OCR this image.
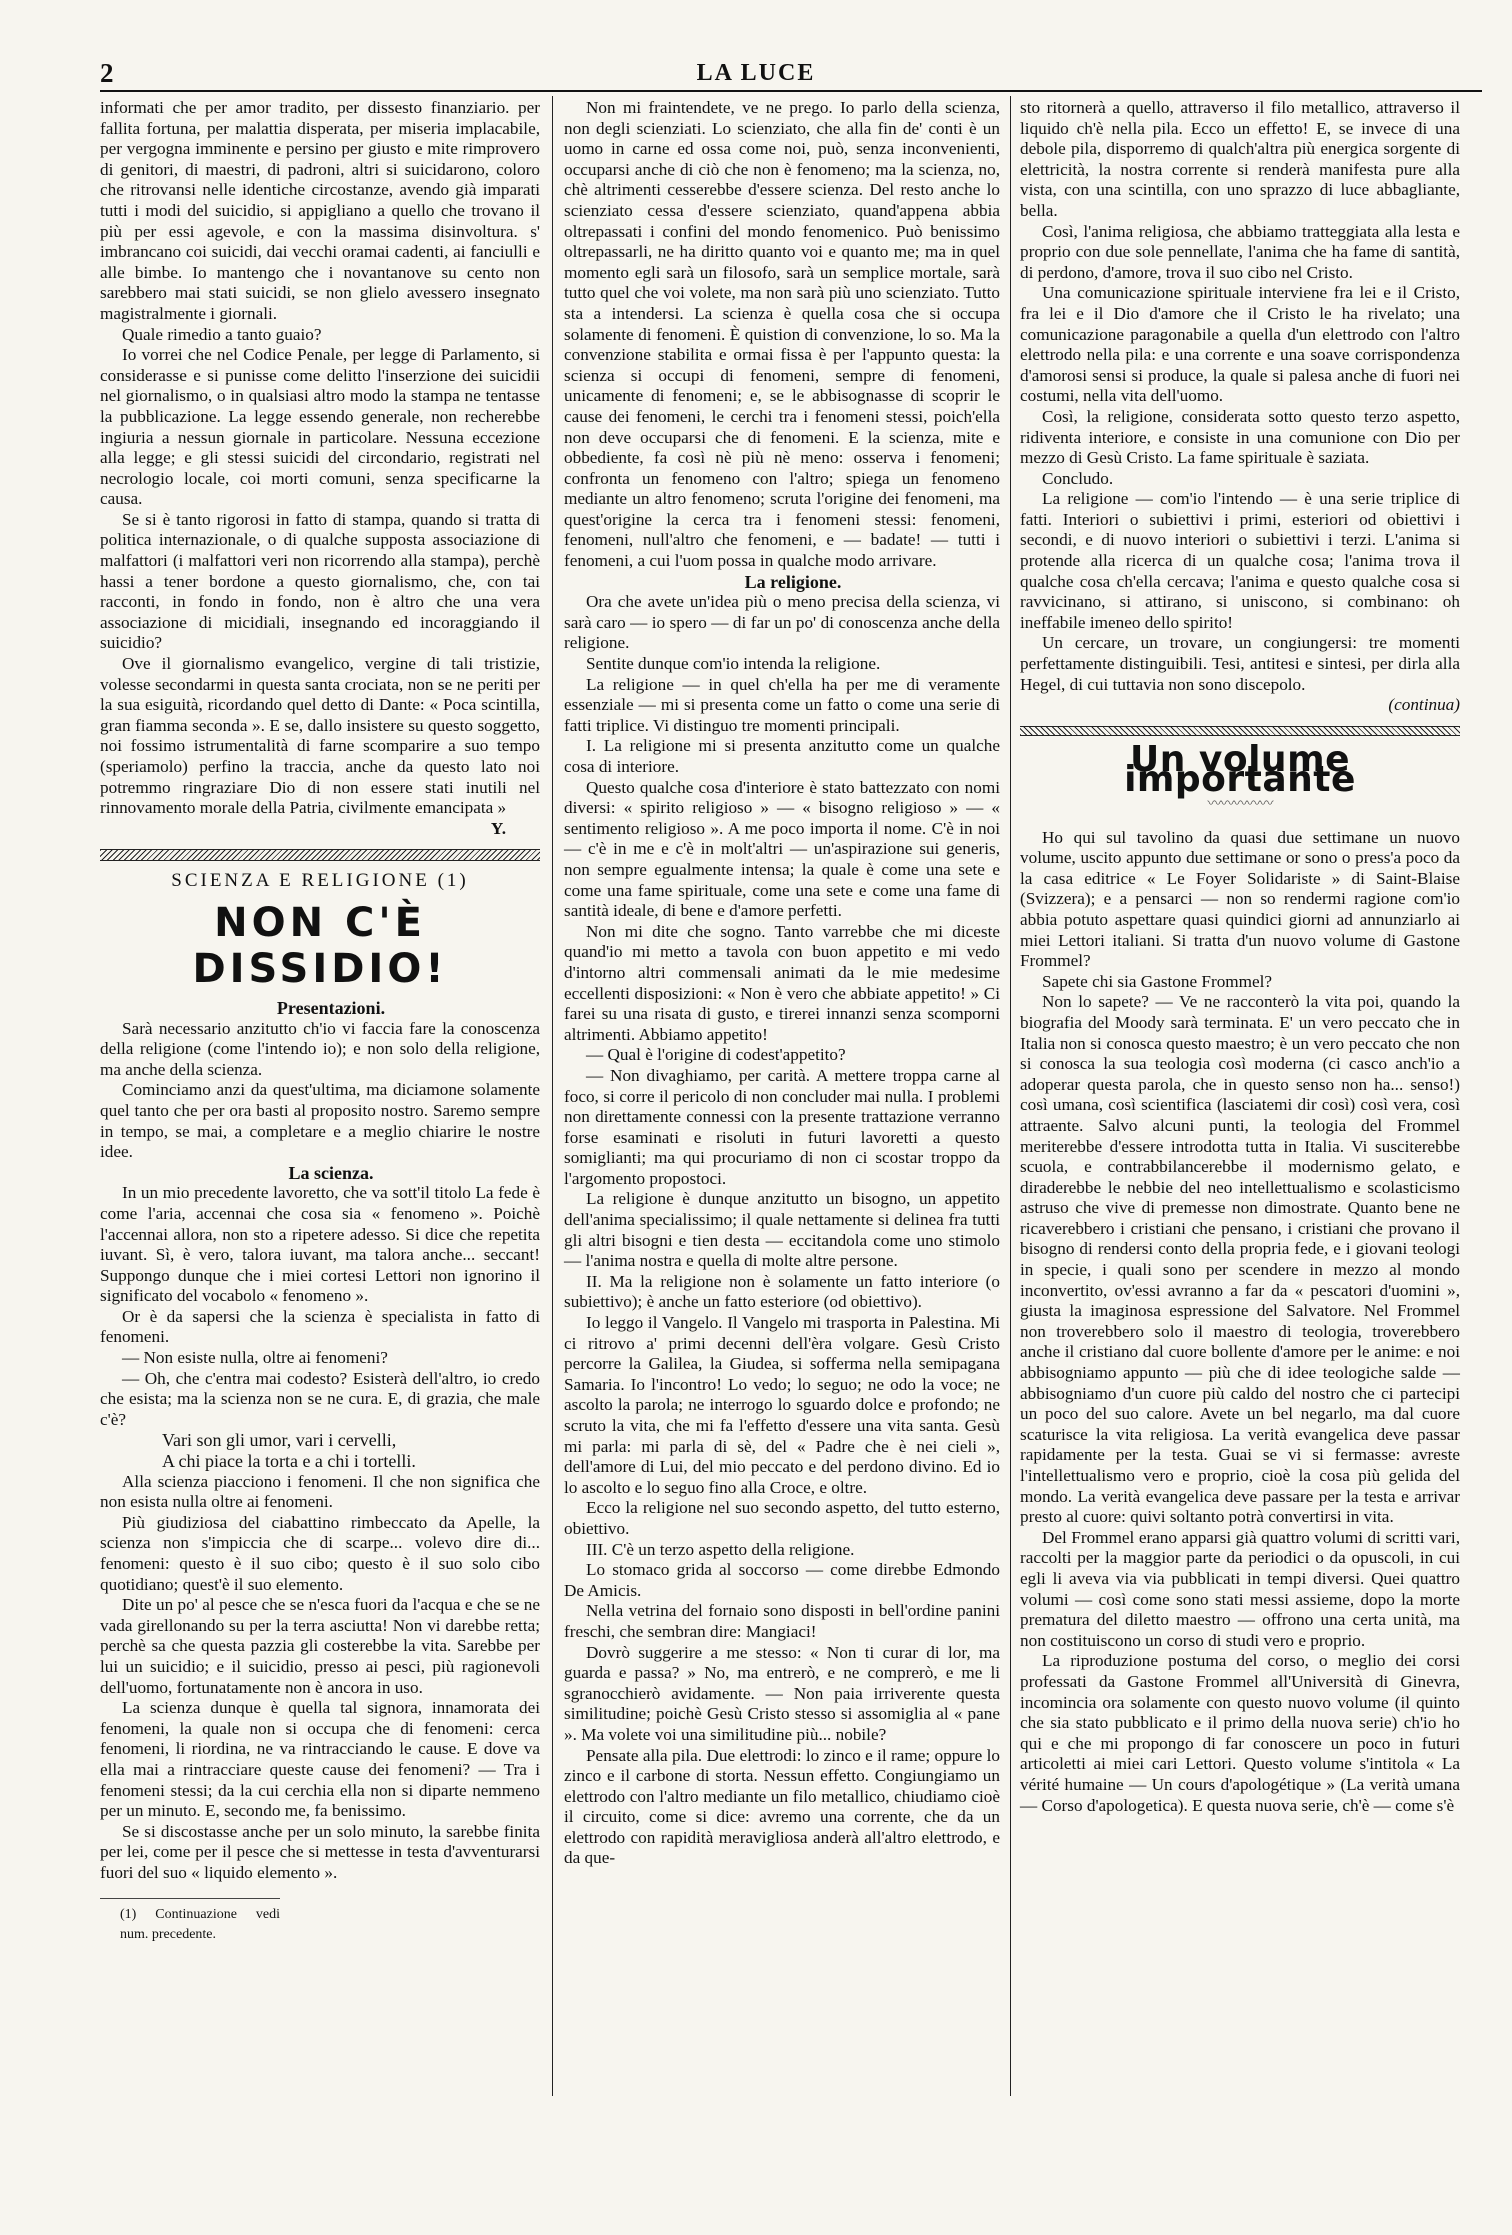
2	LA LUCE

informati che per amor tradito, per dissesto finanziario. per fallita fortuna, per malattia disperata, per miseria implacabile, per vergogna imminente e persino per giusto e mite rimprovero di genitori, di maestri, di padroni, altri si suicidarono, coloro che ritrovansi nelle identiche circostanze, avendo già imparati tutti i modi del suicidio, si appigliano a quello che trovano il più per essi agevole, e con la massima disinvoltura. s' imbrancano coi suicidi, dai vecchi oramai cadenti, ai fanciulli e alle bimbe. Io mantengo che i novantanove su cento non sarebbero mai stati suicidi, se non glielo avessero insegnato magistralmente i giornali.

Quale rimedio a tanto guaio?

Io vorrei che nel Codice Penale, per legge di Parlamento, si considerasse e si punisse come delitto l'inserzione dei suicidii nel giornalismo, o in qualsiasi altro modo la stampa ne tentasse la pubblicazione. La legge essendo generale, non recherebbe ingiuria a nessun giornale in particolare. Nessuna eccezione alla legge; e gli stessi suicidi del circondario, registrati nel necrologio locale, coi morti comuni, senza specificarne la causa.

Se si è tanto rigorosi in fatto di stampa, quando si tratta di politica internazionale, o di qualche supposta associazione di malfattori (i malfattori veri non ricorrendo alla stampa), perchè hassi a tener bordone a questo giornalismo, che, con tai racconti, in fondo in fondo, non è altro che una vera associazione di micidiali, insegnando ed incoraggiando il suicidio?

Ove il giornalismo evangelico, vergine di tali tristizie, volesse secondarmi in questa santa crociata, non se ne periti per la sua esiguità, ricordando quel detto di Dante: « Poca scintilla, gran fiamma seconda ». E se, dallo insistere su questo soggetto, noi fossimo istrumentalità di farne scomparire a suo tempo (speriamolo) perfino la traccia, anche da questo lato noi potremmo ringraziare Dio di non essere stati inutili nel rinnovamento morale della Patria, civilmente emancipata »

Y.
SCIENZA E RELIGIONE (1)
NON C'È DISSIDIO!

Presentazioni.

Sarà necessario anzitutto ch'io vi faccia fare la conoscenza della religione (come l'intendo io); e non solo della religione, ma anche della scienza.

Cominciamo anzi da quest'ultima, ma diciamone solamente quel tanto che per ora basti al proposito nostro. Saremo sempre in tempo, se mai, a completare e a meglio chiarire le nostre idee.

La scienza.

In un mio precedente lavoretto, che va sott'il titolo La fede è come l'aria, accennai che cosa sia « fenomeno ». Poichè l'accennai allora, non sto a ripetere adesso. Si dice che repetita iuvant. Sì, è vero, talora iuvant, ma talora anche... seccant! Suppongo dunque che i miei cortesi Lettori non ignorino il significato del vocabolo « fenomeno ».

Or è da sapersi che la scienza è specialista in fatto di fenomeni.

— Non esiste nulla, oltre ai fenomeni?

— Oh, che c'entra mai codesto? Esisterà dell'altro, io credo che esista; ma la scienza non se ne cura. E, di grazia, che male c'è?

Vari son gli umor, vari i cervelli,

A chi piace la torta e a chi i tortelli.

Alla scienza piacciono i fenomeni. Il che non significa che non esista nulla oltre ai fenomeni.

Più giudiziosa del ciabattino rimbeccato da Apelle, la scienza non s'impiccia che di scarpe... volevo dire di... fenomeni: questo è il suo cibo; questo è il suo solo cibo quotidiano; quest'è il suo elemento.

Dite un po' al pesce che se n'esca fuori da l'acqua e che se ne vada girellonando su per la terra asciutta! Non vi darebbe retta; perchè sa che questa pazzia gli costerebbe la vita. Sarebbe per lui un suicidio; e il suicidio, presso ai pesci, più ragionevoli dell'uomo, fortunatamente non è ancora in uso.

La scienza dunque è quella tal signora, innamorata dei fenomeni, la quale non si occupa che di fenomeni: cerca fenomeni, li riordina, ne va rintracciando le cause. E dove va ella mai a rintracciare queste cause dei fenomeni? — Tra i fenomeni stessi; da la cui cerchia ella non si diparte nemmeno per un minuto. E, secondo me, fa benissimo.

Se si discostasse anche per un solo minuto, la sarebbe finita per lei, come per il pesce che si mettesse in testa d'avventurarsi fuori del suo « liquido elemento ».

(1) Continuazione vedi num. precedente.

Non mi fraintendete, ve ne prego. Io parlo della scienza, non degli scienziati. Lo scienziato, che alla fin de' conti è un uomo in carne ed ossa come noi, può, senza inconvenienti, occuparsi anche di ciò che non è fenomeno; ma la scienza, no, chè altrimenti cesserebbe d'essere scienza. Del resto anche lo scienziato cessa d'essere scienziato, quand'appena abbia oltrepassati i confini del mondo fenomenico. Può benissimo oltrepassarli, ne ha diritto quanto voi e quanto me; ma in quel momento egli sarà un filosofo, sarà un semplice mortale, sarà tutto quel che voi volete, ma non sarà più uno scienziato. Tutto sta a intendersi. La scienza è quella cosa che si occupa solamente di fenomeni. È quistion di convenzione, lo so. Ma la convenzione stabilita e ormai fissa è per l'appunto questa: la scienza si occupi di fenomeni, sempre di fenomeni, unicamente di fenomeni; e, se le abbisognasse di scoprir le cause dei fenomeni, le cerchi tra i fenomeni stessi, poich'ella non deve occuparsi che di fenomeni. E la scienza, mite e obbediente, fa così nè più nè meno: osserva i fenomeni; confronta un fenomeno con l'altro; spiega un fenomeno mediante un altro fenomeno; scruta l'origine dei fenomeni, ma quest'origine la cerca tra i fenomeni stessi: fenomeni, fenomeni, null'altro che fenomeni, e — badate! — tutti i fenomeni, a cui l'uom possa in qualche modo arrivare.

La religione.

Ora che avete un'idea più o meno precisa della scienza, vi sarà caro — io spero — di far un po' di conoscenza anche della religione.

Sentite dunque com'io intenda la religione.

La religione — in quel ch'ella ha per me di veramente essenziale — mi si presenta come un fatto o come una serie di fatti triplice. Vi distinguo tre momenti principali.

I. La religione mi si presenta anzitutto come un qualche cosa di interiore.

Questo qualche cosa d'interiore è stato battezzato con nomi diversi: « spirito religioso » — « bisogno religioso » — « sentimento religioso ». A me poco importa il nome. C'è in noi — c'è in me e c'è in molt'altri — un'aspirazione sui generis, non sempre egualmente intensa; la quale è come una sete e come una fame spirituale, come una sete e come una fame di santità ideale, di bene e d'amore perfetti.

Non mi dite che sogno. Tanto varrebbe che mi diceste quand'io mi metto a tavola con buon appetito e mi vedo d'intorno altri commensali animati da le mie medesime eccellenti disposizioni: « Non è vero che abbiate appetito! » Ci farei su una risata di gusto, e tirerei innanzi senza scomporni altrimenti. Abbiamo appetito!

— Qual è l'origine di codest'appetito?

— Non divaghiamo, per carità. A mettere troppa carne al foco, si corre il pericolo di non concluder mai nulla. I problemi non direttamente connessi con la presente trattazione verranno forse esaminati e risoluti in futuri lavoretti a questo somiglianti; ma qui procuriamo di non ci scostar troppo da l'argomento propostoci.

La religione è dunque anzitutto un bisogno, un appetito dell'anima specialissimo; il quale nettamente si delinea fra tutti gli altri bisogni e tien desta — eccitandola come uno stimolo — l'anima nostra e quella di molte altre persone.

II. Ma la religione non è solamente un fatto interiore (o subiettivo); è anche un fatto esteriore (od obiettivo).

Io leggo il Vangelo. Il Vangelo mi trasporta in Palestina. Mi ci ritrovo a' primi decenni dell'èra volgare. Gesù Cristo percorre la Galilea, la Giudea, si sofferma nella semipagana Samaria. Io l'incontro! Lo vedo; lo seguo; ne odo la voce; ne ascolto la parola; ne interrogo lo sguardo dolce e profondo; ne scruto la vita, che mi fa l'effetto d'essere una vita santa. Gesù mi parla: mi parla di sè, del « Padre che è nei cieli », dell'amore di Lui, del mio peccato e del perdono divino. Ed io lo ascolto e lo seguo fino alla Croce, e oltre.

Ecco la religione nel suo secondo aspetto, del tutto esterno, obiettivo.

III. C'è un terzo aspetto della religione.

Lo stomaco grida al soccorso — come direbbe Edmondo De Amicis.

Nella vetrina del fornaio sono disposti in bell'ordine panini freschi, che sembran dire: Mangiaci!

Dovrò suggerire a me stesso: « Non ti curar di lor, ma guarda e passa? » No, ma entrerò, e ne comprerò, e me li sgranocchierò avidamente. — Non paia irriverente questa similitudine; poichè Gesù Cristo stesso si assomiglia al « pane ». Ma volete voi una similitudine più... nobile?

Pensate alla pila. Due elettrodi: lo zinco e il rame; oppure lo zinco e il carbone di storta. Nessun effetto. Congiungiamo un elettrodo con l'altro mediante un filo metallico, chiudiamo cioè il circuito, come si dice: avremo una corrente, che da un elettrodo con rapidità meravigliosa anderà all'altro elettrodo, e da que-

sto ritornerà a quello, attraverso il filo metallico, attraverso il liquido ch'è nella pila. Ecco un effetto! E, se invece di una debole pila, disporremo di qualch'altra più energica sorgente di elettricità, la nostra corrente si renderà manifesta pure alla vista, con una scintilla, con uno sprazzo di luce abbagliante, bella.

Così, l'anima religiosa, che abbiamo tratteggiata alla lesta e proprio con due sole pennellate, l'anima che ha fame di santità, di perdono, d'amore, trova il suo cibo nel Cristo.

Una comunicazione spirituale interviene fra lei e il Cristo, fra lei e il Dio d'amore che il Cristo le ha rivelato; una comunicazione paragonabile a quella d'un elettrodo con l'altro elettrodo nella pila: e una corrente e una soave corrispondenza d'amorosi sensi si produce, la quale si palesa anche di fuori nei costumi, nella vita dell'uomo.

Così, la religione, considerata sotto questo terzo aspetto, ridiventa interiore, e consiste in una comunione con Dio per mezzo di Gesù Cristo. La fame spirituale è saziata.

Concludo.

La religione — com'io l'intendo — è una serie triplice di fatti. Interiori o subiettivi i primi, esteriori od obiettivi i secondi, e di nuovo interiori o subiettivi i terzi. L'anima si protende alla ricerca di un qualche cosa; l'anima trova il qualche cosa ch'ella cercava; l'anima e questo qualche cosa si ravvicinano, si attirano, si uniscono, si combinano: oh ineffabile imeneo dello spirito!

Un cercare, un trovare, un congiungersi: tre momenti perfettamente distinguibili. Tesi, antitesi e sintesi, per dirla alla Hegel, di cui tuttavia non sono discepolo.

(continua)
Un volume importante
〰〰〰〰〰

Ho qui sul tavolino da quasi due settimane un nuovo volume, uscito appunto due settimane or sono o press'a poco da la casa editrice « Le Foyer Solidariste » di Saint-Blaise (Svizzera); e a pensarci — non so rendermi ragione com'io abbia potuto aspettare quasi quindici giorni ad annunziarlo ai miei Lettori italiani. Si tratta d'un nuovo volume di Gastone Frommel?

Sapete chi sia Gastone Frommel?

Non lo sapete? — Ve ne racconterò la vita poi, quando la biografia del Moody sarà terminata. E' un vero peccato che in Italia non si conosca questo maestro; è un vero peccato che non si conosca la sua teologia così moderna (ci casco anch'io a adoperar questa parola, che in questo senso non ha... senso!) così umana, così scientifica (lasciatemi dir così) così vera, così attraente. Salvo alcuni punti, la teologia del Frommel meriterebbe d'essere introdotta tutta in Italia. Vi susciterebbe scuola, e contrabbilancerebbe il modernismo gelato, e diraderebbe le nebbie del neo intellettualismo e scolasticismo astruso che vive di premesse non dimostrate. Quanto bene ne ricaverebbero i cristiani che pensano, i cristiani che provano il bisogno di rendersi conto della propria fede, e i giovani teologi in specie, i quali sono per scendere in mezzo al mondo inconvertito, ov'essi avranno a far da « pescatori d'uomini », giusta la imaginosa espressione del Salvatore. Nel Frommel non troverebbero solo il maestro di teologia, troverebbero anche il cristiano dal cuore bollente d'amore per le anime: e noi abbisogniamo appunto — più che di idee teologiche salde — abbisogniamo d'un cuore più caldo del nostro che ci partecipi un poco del suo calore. Avete un bel negarlo, ma dal cuore scaturisce la vita religiosa. La verità evangelica deve passar rapidamente per la testa. Guai se vi si fermasse: avreste l'intellettualismo vero e proprio, cioè la cosa più gelida del mondo. La verità evangelica deve passare per la testa e arrivar presto al cuore: quivi soltanto potrà convertirsi in vita.

Del Frommel erano apparsi già quattro volumi di scritti vari, raccolti per la maggior parte da periodici o da opuscoli, in cui egli li aveva via via pubblicati in tempi diversi. Quei quattro volumi — così come sono stati messi assieme, dopo la morte prematura del diletto maestro — offrono una certa unità, ma non costituiscono un corso di studi vero e proprio.

La riproduzione postuma del corso, o meglio dei corsi professati da Gastone Frommel all'Università di Ginevra, incomincia ora solamente con questo nuovo volume (il quinto che sia stato pubblicato e il primo della nuova serie) ch'io ho qui e che mi propongo di far conoscere un poco in futuri articoletti ai miei cari Lettori. Questo volume s'intitola « La vérité humaine — Un cours d'apologétique » (La verità umana — Corso d'apologetica). E questa nuova serie, ch'è — come s'è
